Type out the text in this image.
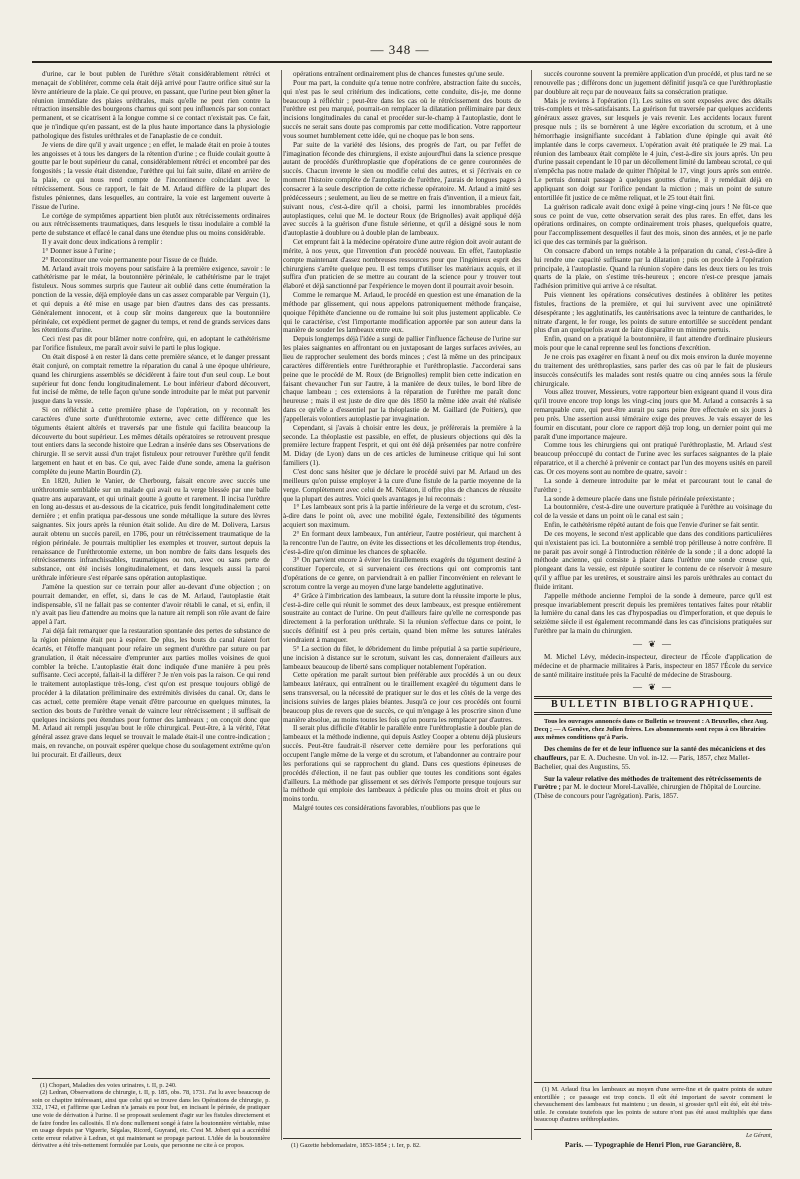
— 348 —

d'urine, car le bout publen de l'urèthre s'était considérablement rétréci et menaçait de s'oblitérer, comme cela était déjà arrivé pour l'autre orifice situé sur la lèvre antérieure de la plaie. Ce qui prouve, en passant, que l'urine peut bien gêner la réunion immédiate des plaies uréthrales, mais qu'elle ne peut rien contre la rétraction insensible des bourgeons charnus qui sont peu influencés par son contact permanent, et se cicatrisent à la longue comme si ce contact n'existait pas. Ce fait, que je n'indique qu'en passant, est de la plus haute importance dans la physiologie pathologique des fistules uréthrales et de l'anaplastie de ce conduit.

Je viens de dire qu'il y avait urgence ; en effet, le malade était en proie à toutes les angoisses et à tous les dangers de la rétention d'urine ; ce fluide coulait goutte à goutte par le bout supérieur du canal, considérablement rétréci et encombré par des fongosités ; la vessie était distendue, l'urèthre qui lui fait suite, dilaté en arrière de la plaie, ce qui nous rend compte de l'incontinence coïncidant avec le rétrécissement. Sous ce rapport, le fait de M. Arlaud diffère de la plupart des fistules péniennes, dans lesquelles, au contraire, la voie est largement ouverte à l'issue de l'urine.

Le cortége de symptômes appartient bien plutôt aux rétrécissements ordinaires ou aux rétrécissements traumatiques, dans lesquels le tissu inodulaire a comblé la perte de substance et effacé le canal dans une étendue plus ou moins considérable.

Il y avait donc deux indications à remplir :

1° Donner issue à l'urine ;

2° Reconstituer une voie permanente pour l'issue de ce fluide.

M. Arlaud avait trois moyens pour satisfaire à la première exigence, savoir : le cathétérisme par le méat, la boutonnière périnéale, le cathétérisme par le trajet fistuleux. Nous sommes surpris que l'auteur ait oublié dans cette énumération la ponction de la vessie, déjà employée dans un cas assez comparable par Verguin (1), et qui depuis a été mise en usage par bien d'autres dans des cas pressants. Généralement innocent, et à coup sûr moins dangereux que la boutonnière périnéale, cet expédient permet de gagner du temps, et rend de grands services dans les rétentions d'urine.

Ceci n'est pas dit pour blâmer notre confrère, qui, en adoptant le cathétérisme par l'orifice fistuleux, me paraît avoir suivi le parti le plus logique.

On était disposé à en rester là dans cette première séance, et le danger pressant était conjuré, on comptait remettre la réparation du canal à une époque ultérieure, quand les chirurgiens assemblés se décidèrent à faire tout d'un seul coup. Le bout supérieur fut donc fendu longitudinalement. Le bout inférieur d'abord découvert, fut incisé de même, de telle façon qu'une sonde introduite par le méat put parvenir jusque dans la vessie.

Si on réfléchit à cette première phase de l'opération, on y reconnaît les caractères d'une sorte d'uréthrotomie externe, avec cette différence que les téguments étaient altérés et traversés par une fistule qui facilita beaucoup la découverte du bout supérieur. Les mêmes détails opératoires se retrouvent presque tout entiers dans la seconde histoire que Ledran a insérée dans ses Observations de chirurgie. Il se servit aussi d'un trajet fistuleux pour retrouver l'urèthre qu'il fendit largement en haut et en bas. Ce qui, avec l'aide d'une sonde, amena la guérison complète du jeune Martin Bourdin (2).

En 1820, Julien le Vanier, de Cherbourg, faisait encore avec succès une uréthrotomie semblable sur un malade qui avait eu la verge blessée par une balle quatre ans auparavant, et qui urinait goutte à goutte et rarement. Il incisa l'urèthre en long au-dessus et au-dessous de la cicatrice, puis fendit longitudinalement cette dernière ; et enfin pratiqua par-dessous une sonde métallique la suture des lèvres saignantes. Six jours après la réunion était solide. Au dire de M. Dolivera, Larsus aurait obtenu un succès pareil, en 1786, pour un rétrécissement traumatique de la région périnéale. Je pourrais multiplier les exemples et trouver, surtout depuis la renaissance de l'uréthrotomie externe, un bon nombre de faits dans lesquels des rétrécissements infranchissables, traumatiques ou non, avec ou sans perte de substance, ont été incisés longitudinalement, et dans lesquels aussi la paroi uréthrale inférieure s'est réparée sans opération autoplastique.

J'amène la question sur ce terrain pour aller au-devant d'une objection ; on pourrait demander, en effet, si, dans le cas de M. Arlaud, l'autoplastie était indispensable, s'il ne fallait pas se contenter d'avoir rétabli le canal, et si, enfin, il n'y avait pas lieu d'attendre au moins que la nature ait rempli son rôle avant de faire appel à l'art.

J'ai déjà fait remarquer que la restauration spontanée des pertes de substance de la région pénienne était peu à espérer. De plus, les bouts du canal étaient fort écartés, et l'étoffe manquant pour refaire un segment d'urèthre par suture ou par granulation, il était nécessaire d'emprunter aux parties molles voisines de quoi combler la brèche. L'autoplastie était donc indiquée d'une manière à peu près suffisante. Ceci accepté, fallait-il la différer ? Je n'en vois pas la raison. Ce qui rend le traitement autoplastique très-long, c'est qu'on est presque toujours obligé de procéder à la dilatation préliminaire des extrémités divisées du canal. Or, dans le cas actuel, cette première étape venait d'être parcourue en quelques minutes, la section des bouts de l'urèthre venait de vaincre leur rétrécissement ; il suffisait de quelques incisions peu étendues pour former des lambeaux ; on conçoit donc que M. Arlaud ait rempli jusqu'au bout le rôle chirurgical. Peut-être, à la vérité, l'état général assez grave dans lequel se trouvait le malade était-il une contre-indication ; mais, en revanche, on pouvait espérer quelque chose du soulagement extrême qu'on lui procurait. Et d'ailleurs, deux

(1) Chopart, Maladies des voies urinaires, t. II, p. 240.

(2) Ledran, Observations de chirurgie, t. II, p. 185, obs. 78, 1731. J'ai lu avec beaucoup de soin ce chapitre intéressant, ainsi que celui qui se trouve dans les Opérations de chirurgie, p. 332, 1742, et j'affirme que Ledran n'a jamais eu pour but, en incisant le périnée, de pratiquer une voie de dérivation à l'urine. Il se proposait seulement d'agir sur les fistules directement et de faire fondre les callosités. Il n'a donc nullement songé à faire la boutonnière véritable, mise en usage depuis par Viguerie, Ségalas, Ricord, Guyrand, etc. C'est M. Jobert qui a accrédité cette erreur relative à Ledran, et qui maintenant se propage partout. L'idée de la boutonnière dérivative a été très-nettement formulée par Louis, que personne ne cite à ce propos.

opérations entraînent ordinairement plus de chances funestes qu'une seule.

Pour ma part, la conduite qu'a tenue notre confrère, abstraction faite du succès, qui n'est pas le seul critérium des indications, cette conduite, dis-je, me donne beaucoup à réfléchir ; peut-être dans les cas où le rétrécissement des bouts de l'urèthre est peu marqué, pourrait-on remplacer la dilatation préliminaire par deux incisions longitudinales du canal et procéder sur-le-champ à l'autoplastie, dont le succès ne serait sans doute pas compromis par cette modification. Votre rapporteur vous soumet humblement cette idée, qui ne choque pas le bon sens.

Par suite de la variété des lésions, des progrès de l'art, ou par l'effet de l'imagination féconde des chirurgiens, il existe aujourd'hui dans la science presque autant de procédés d'uréthroplastie que d'opérations de ce genre couronnées de succès. Chacun invente le sien ou modifie celui des autres, et si j'écrivais en ce moment l'histoire complète de l'autoplastie de l'urèthre, j'aurais de longues pages à consacrer à la seule description de cette richesse opératoire. M. Arlaud a imité ses prédécesseurs ; seulement, au lieu de se mettre en frais d'invention, il a mieux fait, suivant nous, c'est-à-dire qu'il a choisi, parmi les innombrables procédés autoplastiques, celui que M. le docteur Roux (de Brignolles) avait appliqué déjà avec succès à la guérison d'une fistule sérienne, et qu'il a désigné sous le nom d'autoplastie à doublure ou à double plan de lambeaux.

Cet emprunt fait à la médecine opératoire d'une autre région doit avoir autant de mérite, à nos yeux, que l'invention d'un procédé nouveau. En effet, l'autoplastie compte maintenant d'assez nombreuses ressources pour que l'ingénieux esprit des chirurgiens s'arrête quelque peu. Il est temps d'utiliser les matériaux acquis, et il suffira d'un praticien de se mettre au courant de la science pour y trouver tout élaboré et déjà sanctionné par l'expérience le moyen dont il pourrait avoir besoin.

Comme le remarque M. Arlaud, le procédé en question est une émanation de la méthode par glissement, qui nous appelons patroniquement méthode française, quoique l'épithète d'ancienne ou de romaine lui soit plus justement applicable. Ce qui le caractérise, c'est l'importante modification apportée par son auteur dans la manière de souder les lambeaux entre eux.

Depuis longtemps déjà l'idée a surgi de pallier l'influence fâcheuse de l'urine sur les plaies saignantes en affrontant ou en juxtaposant de larges surfaces avivées, au lieu de rapprocher seulement des bords minces ; c'est là même un des principaux caractères différentiels entre l'uréthroraphie et l'uréthroplastie. J'accorderai sans peine que le procédé de M. Roux (de Brignolles) remplit bien cette indication en faisant chevaucher l'un sur l'autre, à la manière de deux tuiles, le bord libre de chaque lambeau ; ces extensions à la réparation de l'urèthre me paraît donc heureuse ; mais il est juste de dire que dès 1850 la même idée avait été réalisée dans ce qu'elle a d'essentiel par la théoplastie de M. Gaillard (de Poitiers), que j'appellerais volontiers autoplastie par invagination.

Cependant, si j'avais à choisir entre les deux, je préférerais la première à la seconde. La théoplastie est passible, en effet, de plusieurs objections qui dès la première lecture frappent l'esprit, et qui ont été déjà présentées par notre confrère M. Diday (de Lyon) dans un de ces articles de lumineuse critique qui lui sont familiers (1).

C'est donc sans hésiter que je déclare le procédé suivi par M. Arlaud un des meilleurs qu'on puisse employer à la cure d'une fistule de la partie moyenne de la verge. Complètement avec celui de M. Nélaton, il offre plus de chances de réussite que la plupart des autres. Voici quels avantages je lui reconnais :

1° Les lambeaux sont pris à la partie inférieure de la verge et du scrotum, c'est-à-dire dans le point où, avec une mobilité égale, l'extensibilité des téguments acquiert son maximum.

2° En formant deux lambeaux, l'un antérieur, l'autre postérieur, qui marchent à la rencontre l'un de l'autre, on évite les dissections et les décollements trop étendus, c'est-à-dire qu'on diminue les chances de sphacèle.

3° On parvient encore à éviter les tiraillements exagérés du tégument destiné à constituer l'opercule, et si survenaient ces érections qui ont compromis tant d'opérations de ce genre, on parviendrait à en pallier l'inconvénient en relevant le scrotum contre la verge au moyen d'une large bandelette agglutinative.

4° Grâce à l'imbrication des lambeaux, la suture dont la réussite importe le plus, c'est-à-dire celle qui réunit le sommet des deux lambeaux, est presque entièrement soustraite au contact de l'urine. On peut d'ailleurs faire qu'elle ne corresponde pas directement à la perforation uréthrale. Si la réunion s'effectue dans ce point, le succès définitif est à peu près certain, quand bien même les sutures latérales viendraient à manquer.

5° La section du filet, le débridement du limbe préputial à sa partie supérieure, une incision à distance sur le scrotum, suivant les cas, donneraient d'ailleurs aux lambeaux beaucoup de liberté sans compliquer notablement l'opération.

Cette opération me paraît surtout bien préférable aux procédés à un ou deux lambeaux latéraux, qui entraînent ou le tiraillement exagéré du tégument dans le sens transversal, ou la nécessité de pratiquer sur le dos et les côtés de la verge des incisions suivies de larges plaies béantes. Jusqu'à ce jour ces procédés ont fourni beaucoup plus de revers que de succès, ce qui m'engage à les proscrire sinon d'une manière absolue, au moins toutes les fois qu'on pourra les remplacer par d'autres.

Il serait plus difficile d'établir le parallèle entre l'uréthroplastie à double plan de lambeaux et la méthode indienne, qui depuis Astley Cooper a obtenu déjà plusieurs succès. Peut-être faudrait-il réserver cette dernière pour les perforations qui occupent l'angle même de la verge et du scrotum, et l'abandonner au contraire pour les perforations qui se rapprochent du gland. Dans ces questions épineuses de procédés d'élection, il ne faut pas oublier que toutes les conditions sont égales d'ailleurs. La méthode par glissement et ses dérivés l'emporte presque toujours sur la méthode qui emploie des lambeaux à pédicule plus ou moins droit et plus ou moins tordu.

Malgré toutes ces considérations favorables, n'oublions pas que le

(1) Gazette hebdomadaire, 1853-1854 ; t. Ier, p. 82.

succès couronne souvent la première application d'un procédé, et plus tard ne se renouvelle pas ; différons donc un jugement définitif jusqu'à ce que l'uréthroplastie par doublure ait reçu par de nouveaux faits sa consécration pratique.

Mais je reviens à l'opération (1). Les suites en sont exposées avec des détails très-complets et très-satisfaisants. La guérison fut traversée par quelques accidents généraux assez graves, sur lesquels je vais revenir. Les accidents locaux furent presque nuls ; ils se bornèrent à une légère excoriation du scrotum, et à une hémorrhagie insignifiante succédant à l'ablation d'une épingle qui avait été implantée dans le corps caverneux. L'opération avait été pratiquée le 29 mai. La réunion des lambeaux était complète le 4 juin, c'est-à-dire six jours après. Un peu d'urine passait cependant le 10 par un décollement limité du lambeau scrotal, ce qui n'empêcha pas notre malade de quitter l'hôpital le 17, vingt jours après son entrée. Le pertuis donnait passage à quelques gouttes d'urine, il y remédiait déjà en appliquant son doigt sur l'orifice pendant la miction ; mais un point de suture entortillée fit justice de ce même reliquat, et le 25 tout était fini.

La guérison radicale avait donc exigé à peine vingt-cinq jours ! Ne fût-ce que sous ce point de vue, cette observation serait des plus rares. En effet, dans les opérations ordinaires, on compte ordinairement trois phases, quelquefois quatre, pour l'accomplissement desquelles il faut des mois, sinon des années, et je ne parle ici que des cas terminés par la guérison.

On consacre d'abord un temps notable à la préparation du canal, c'est-à-dire à lui rendre une capacité suffisante par la dilatation ; puis on procède à l'opération principale, à l'autoplastie. Quand la réunion s'opère dans les deux tiers ou les trois quarts de la plaie, on s'estime très-heureux ; encore n'est-ce presque jamais l'adhésion primitive qui arrive à ce résultat.

Puis viennent les opérations consécutives destinées à oblitérer les petites fistules, fractions de la première, et qui lui survivent avec une opiniâtreté désespérante ; les agglutinatifs, les cautérisations avec la teinture de cantharides, le nitrate d'argent, le fer rouge, les points de suture entortillée se succèdent pendant plus d'un an quelquefois avant de faire disparaître un minime pertuis.

Enfin, quand on a pratiqué la boutonnière, il faut attendre d'ordinaire plusieurs mois pour que le canal reprenne seul les fonctions d'excrétion.

Je ne crois pas exagérer en fixant à neuf ou dix mois environ la durée moyenne du traitement des uréthroplasties, sans parler des cas où par le fait de plusieurs insuccès consécutifs les malades sont restés quatre ou cinq années sous la férule chirurgicale.

Vous allez trouver, Messieurs, votre rapporteur bien exigeant quand il vous dira qu'il trouve encore trop longs les vingt-cinq jours que M. Arlaud a consacrés à sa remarquable cure, qui peut-être aurait pu sans peine être effectuée en six jours à peu près. Une assertion aussi téméraire exige des preuves. Je vais essayer de les fournir en discutant, pour clore ce rapport déjà trop long, un dernier point qui me paraît d'une importance majeure.

Comme tous les chirurgiens qui ont pratiqué l'uréthroplastie, M. Arlaud s'est beaucoup préoccupé du contact de l'urine avec les surfaces saignantes de la plaie réparatrice, et il a cherché à prévenir ce contact par l'un des moyens usités en pareil cas. Or ces moyens sont au nombre de quatre, savoir :

La sonde à demeure introduite par le méat et parcourant tout le canal de l'urèthre ;

La sonde à demeure placée dans une fistule périnéale préexistante ;

La boutonnière, c'est-à-dire une ouverture pratiquée à l'urèthre au voisinage du col de la vessie et dans un point où le canal est sain ;

Enfin, le cathétérisme répété autant de fois que l'envie d'uriner se fait sentir.

De ces moyens, le second n'est applicable que dans des conditions particulières qui n'existaient pas ici. La boutonnière a semblé trop périlleuse à notre confrère. Il ne parait pas avoir songé à l'introduction réitérée de la sonde ; il a donc adopté la méthode ancienne, qui consiste à placer dans l'urèthre une sonde creuse qui, plongeant dans la vessie, est réputée soutirer le contenu de ce réservoir à mesure qu'il y afflue par les uretères, et soustraire ainsi les parois uréthrales au contact du fluide irritant.

J'appelle méthode ancienne l'emploi de la sonde à demeure, parce qu'il est presque invariablement prescrit depuis les premières tentatives faites pour rétablir la lumière du canal dans les cas d'hypospadias ou d'imperforation, et que depuis le seizième siècle il est également recommandé dans les cas d'incisions pratiquées sur l'urèthre par la main du chirurgien.

— ❦ —

M. Michel Lévy, médecin-inspecteur, directeur de l'École d'application de médecine et de pharmacie militaires à Paris, inspecteur en 1857 l'École du service de santé militaire instituée près la Faculté de médecine de Strasbourg.

— ❦ —
BULLETIN BIBLIOGRAPHIQUE.

Tous les ouvrages annoncés dans ce Bulletin se trouvent : A Bruxelles, chez Aug. Decq ; — A Genève, chez Julien frères. Les abonnements sont reçus à ces librairies aux mêmes conditions qu'à Paris.

Des chemins de fer et de leur influence sur la santé des mécaniciens et des chauffeurs, par E. A. Duchesne. Un vol. in-12. — Paris, 1857, chez Mallet-Bachelier, quai des Augustins, 55.

Sur la valeur relative des méthodes de traitement des rétrécissements de l'urètre ; par M. le docteur Morel-Lavallée, chirurgien de l'hôpital de Lourcine. (Thèse de concours pour l'agrégation). Paris, 1857.

(1) M. Arlaud fixa les lambeaux au moyen d'une serre-fine et de quatre points de suture entortillée ; ce passage est trop concis. Il eût été important de savoir comment le chevauchement des lambeaux fut maintenu ; un dessin, si grossier qu'il eût été, eût été très-utile. Je constate toutefois que les points de suture n'ont pas été aussi multipliés que dans beaucoup d'autres uréthroplasties.

Le Gérant,
Paris. — Typographie de Henri Plon, rue Garancière, 8.
